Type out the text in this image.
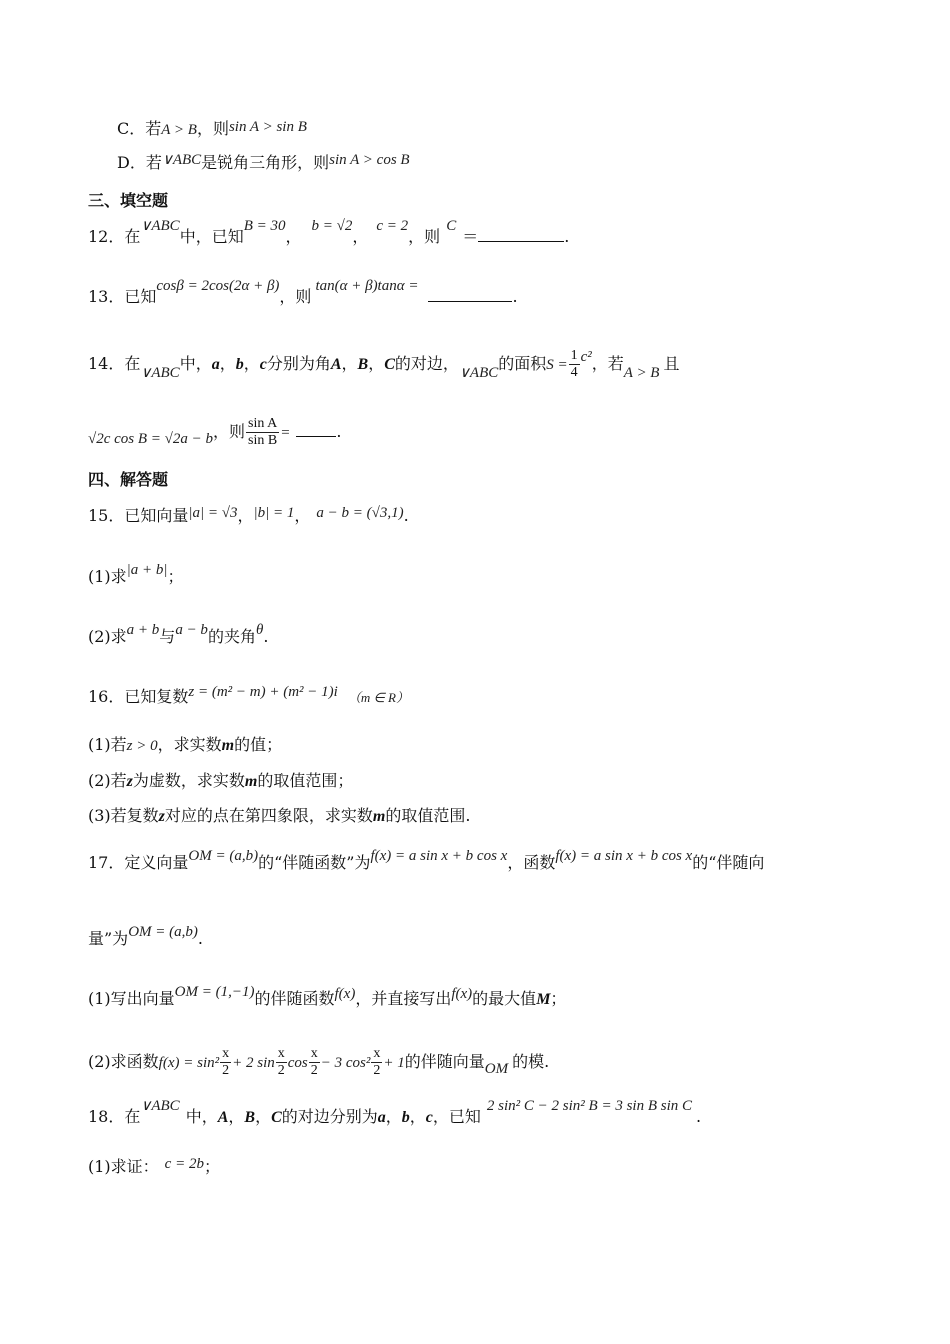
C．若A > B，则sin A > sin B
D．若∨ABC是锐角三角形，则sin A > cos B
三、填空题
12．在∨ABC中，已知B = 30，b = √2，c = 2，则C＝	.
13．已知cosβ = 2cos(2α + β)，则tan(α + β)tanα =.
14．在∨ABC中，a，b，c分别为角A，B，C的对边，∨ABC的面积$S = \frac{1}{4} c^2$，若A > B 且
√2c cos B = √2a − b，则 $\frac{\text{sin A}}{\text{sin B}}$ =	.
四、解答题
15．已知向量|a| = √3，|b| = 1， a − b = (√3,1).
(1)求|a + b|；
(2)求a + b与a − b的夹角θ.
16．已知复数z = (m² − m) + (m² − 1)i （m ∈ R）
(1)若z > 0，求实数m的值；
(2)若z为虚数，求实数m的取值范围；
(3)若复数z对应的点在第四象限，求实数m的取值范围.
17．定义向量OM = (a,b)的“伴随函数”为f(x) = a sin x + b cos x，函数f(x) = a sin x + b cos x的“伴随向
量”为OM = (a,b).
(1)写出向量OM = (1,−1)的伴随函数f(x)，并直接写出f(x)的最大值M；
(2)求函数$f(x) = \sin^2 \frac{x}{2} + 2$ $\sin \frac{x}{2}$ $\cos \frac{x}{2} - 3$ $\cos^2 \frac{x}{2} + 1$的伴随向量OM 的模.
18．在∨ABC中，A，B，C的对边分别为a，b，c，已知2 sin² C − 2 sin² B = 3 sin B sin C.
(1)求证： c = 2b；
